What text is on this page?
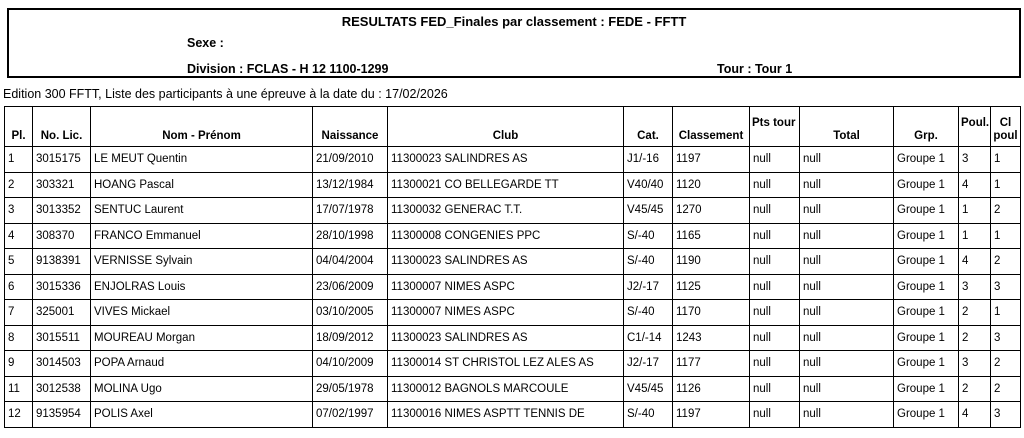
RESULTATS FED_Finales par classement : FEDE - FFTT
Sexe :
Division : FCLAS - H 12 1100-1299	Tour : Tour 1
Edition 300 FFTT, Liste des participants à une épreuve à la date du : 17/02/2026
Pl.	No. Lic.	Nom - Prénom	Naissance	Club	Cat.	Classement	Pts tour	Total	Grp.	Poul.	Cl poul
1	3015175	LE MEUT Quentin	21/09/2010	11300023 SALINDRES AS	J1/-16	1197	null	null	Groupe 1	3	1
2	303321	HOANG Pascal	13/12/1984	11300021 CO BELLEGARDE TT	V40/40	1120	null	null	Groupe 1	4	1
3	3013352	SENTUC Laurent	17/07/1978	11300032 GENERAC T.T.	V45/45	1270	null	null	Groupe 1	1	2
4	308370	FRANCO Emmanuel	28/10/1998	11300008 CONGENIES PPC	S/-40	1165	null	null	Groupe 1	1	1
5	9138391	VERNISSE Sylvain	04/04/2004	11300023 SALINDRES AS	S/-40	1190	null	null	Groupe 1	4	2
6	3015336	ENJOLRAS Louis	23/06/2009	11300007 NIMES ASPC	J2/-17	1125	null	null	Groupe 1	3	3
7	325001	VIVES Mickael	03/10/2005	11300007 NIMES ASPC	S/-40	1170	null	null	Groupe 1	2	1
8	3015511	MOUREAU Morgan	18/09/2012	11300023 SALINDRES AS	C1/-14	1243	null	null	Groupe 1	2	3
9	3014503	POPA Arnaud	04/10/2009	11300014 ST CHRISTOL LEZ ALES AS	J2/-17	1177	null	null	Groupe 1	3	2
11	3012538	MOLINA Ugo	29/05/1978	11300012 BAGNOLS MARCOULE	V45/45	1126	null	null	Groupe 1	2	2
12	9135954	POLIS Axel	07/02/1997	11300016 NIMES ASPTT TENNIS DE	S/-40	1197	null	null	Groupe 1	4	3
